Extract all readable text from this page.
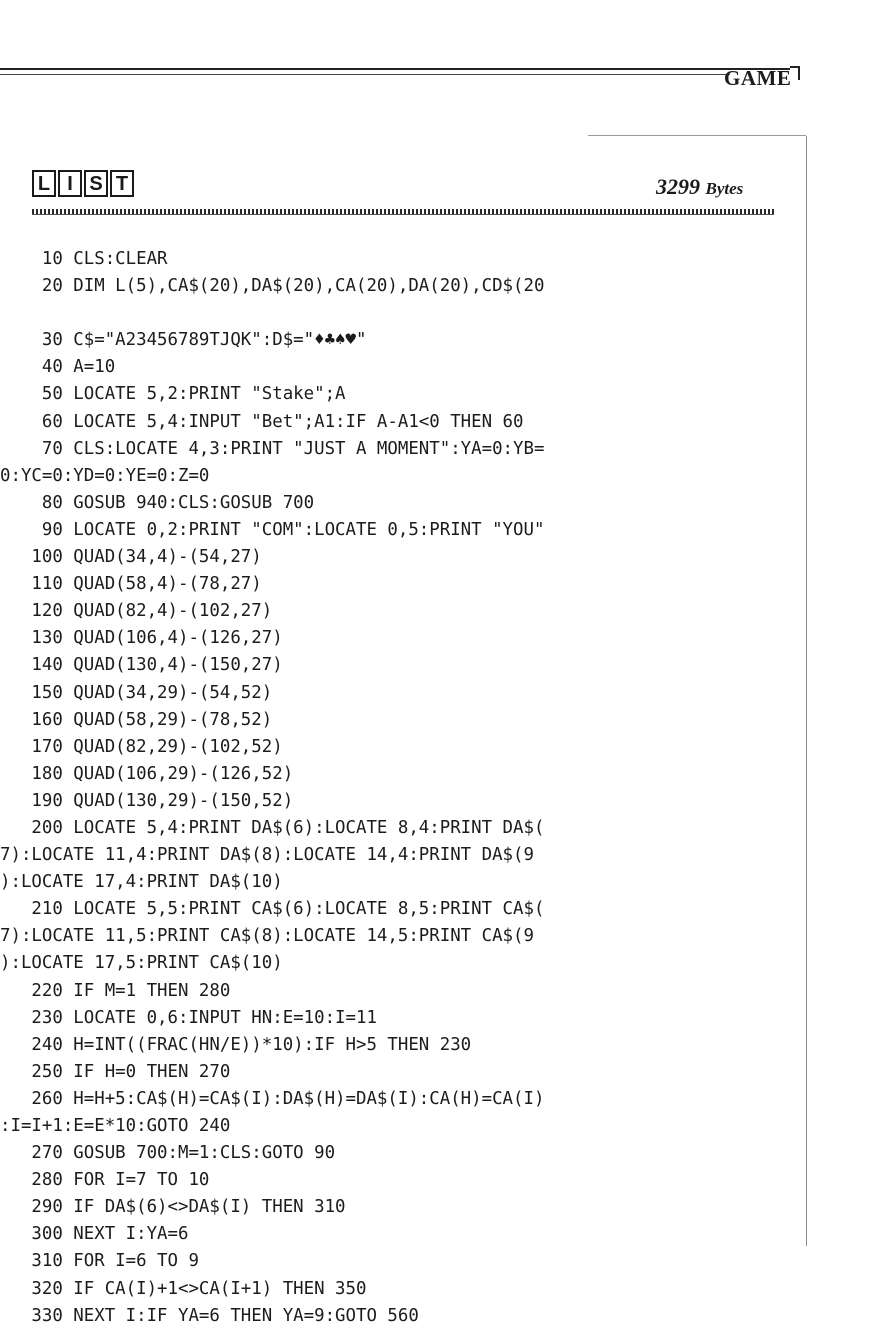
GAME
L I S T	3299 Bytes
10 CLS:CLEAR
20 DIM L(5),CA$(20),DA$(20),CA(20),DA(20),CD$(20
30 C$="A23456789TJQK":D$="♦♣♠♥"
40 A=10
50 LOCATE 5,2:PRINT "Stake";A
60 LOCATE 5,4:INPUT "Bet";A1:IF A-A1<0 THEN 60
70 CLS:LOCATE 4,3:PRINT "JUST A MOMENT":YA=0:YB=
0:YC=0:YD=0:YE=0:Z=0
80 GOSUB 940:CLS:GOSUB 700
90 LOCATE 0,2:PRINT "COM":LOCATE 0,5:PRINT "YOU"
100 QUAD(34,4)-(54,27)
110 QUAD(58,4)-(78,27)
120 QUAD(82,4)-(102,27)
130 QUAD(106,4)-(126,27)
140 QUAD(130,4)-(150,27)
150 QUAD(34,29)-(54,52)
160 QUAD(58,29)-(78,52)
170 QUAD(82,29)-(102,52)
180 QUAD(106,29)-(126,52)
190 QUAD(130,29)-(150,52)
200 LOCATE 5,4:PRINT DA$(6):LOCATE 8,4:PRINT DA$(
7):LOCATE 11,4:PRINT DA$(8):LOCATE 14,4:PRINT DA$(9
):LOCATE 17,4:PRINT DA$(10)
210 LOCATE 5,5:PRINT CA$(6):LOCATE 8,5:PRINT CA$(
7):LOCATE 11,5:PRINT CA$(8):LOCATE 14,5:PRINT CA$(9
):LOCATE 17,5:PRINT CA$(10)
220 IF M=1 THEN 280
230 LOCATE 0,6:INPUT HN:E=10:I=11
240 H=INT((FRAC(HN/E))*10):IF H>5 THEN 230
250 IF H=0 THEN 270
260 H=H+5:CA$(H)=CA$(I):DA$(H)=DA$(I):CA(H)=CA(I)
:I=I+1:E=E*10:GOTO 240
270 GOSUB 700:M=1:CLS:GOTO 90
280 FOR I=7 TO 10
290 IF DA$(6)<>DA$(I) THEN 310
300 NEXT I:YA=6
310 FOR I=6 TO 9
320 IF CA(I)+1<>CA(I+1) THEN 350
330 NEXT I:IF YA=6 THEN YA=9:GOTO 560
